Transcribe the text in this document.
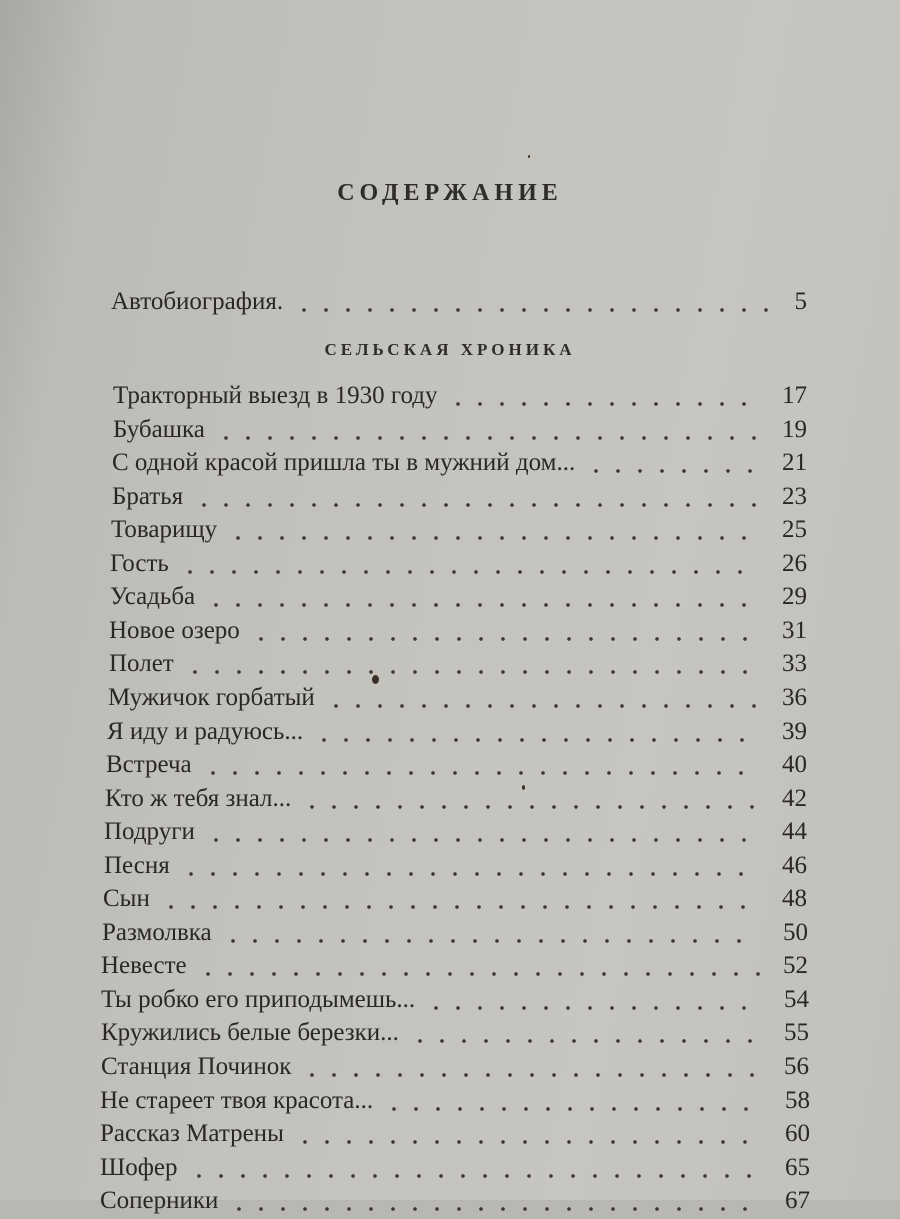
СОДЕРЖАНИЕ
Автобиография.	5
СЕЛЬСКАЯ ХРОНИКА
Тракторный выезд в 1930 году	17
Бубашка	19
С одной красой пришла ты в мужний дом...	21
Братья	23
Товарищу	25
Гость	26
Усадьба	29
Новое озеро	31
Полет	33
Мужичок горбатый	36
Я иду и радуюсь...	39
Встреча	40
Кто ж тебя знал...	42
Подруги	44
Песня	46
Сын	48
Размолвка	50
Невесте	52
Ты робко его приподымешь...	54
Кружились белые березки...	55
Станция Починок	56
Не стареет твоя красота...	58
Рассказ Матрены	60
Шофер	65
Соперники	67
